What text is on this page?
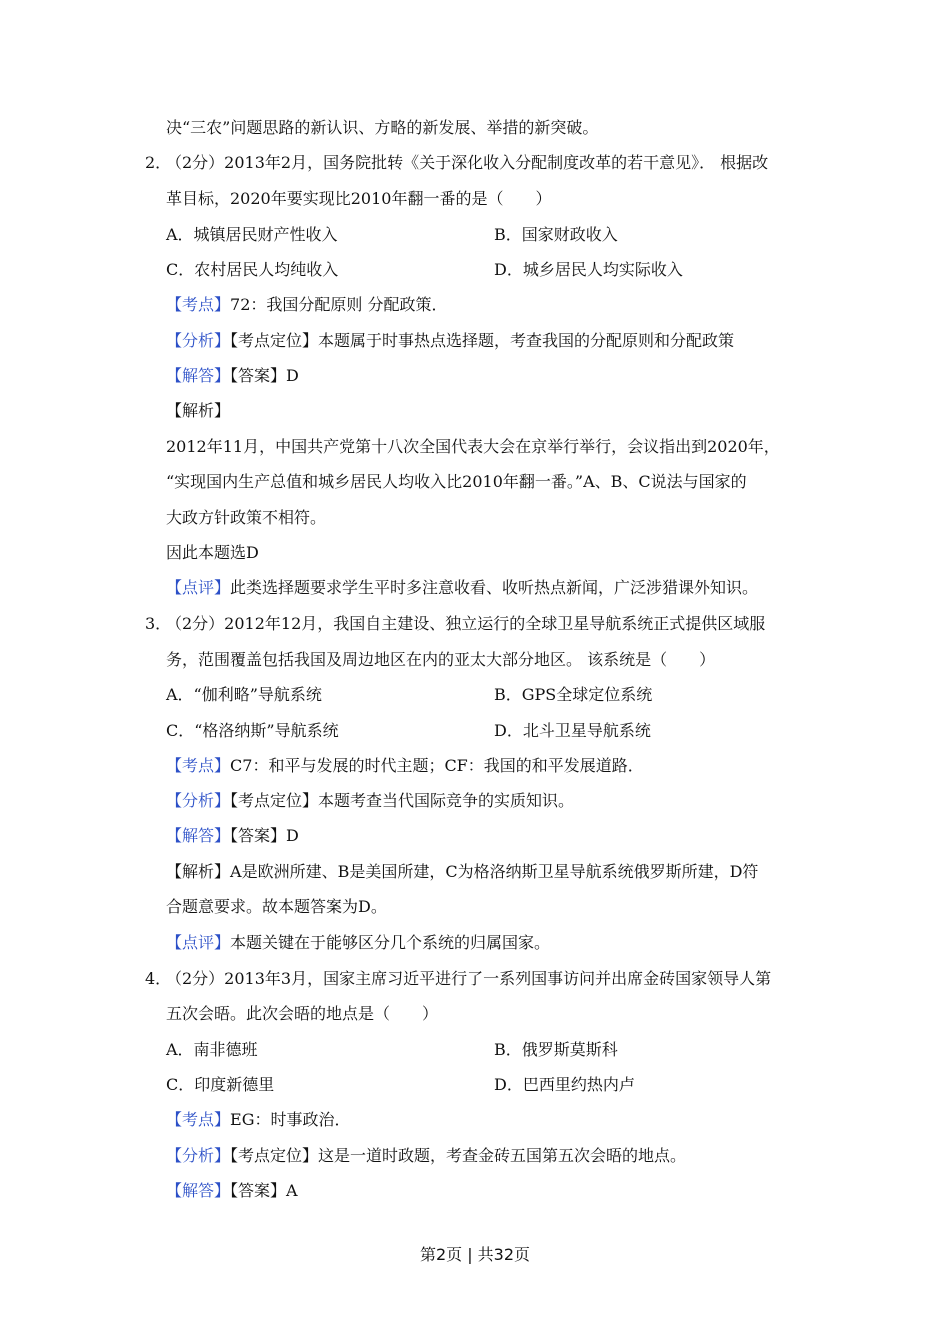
决“三农”问题思路的新认识、方略的新发展、举措的新突破。
2．
（2分）2013年2月，国务院批转《关于深化收入分配制度改革的若干意见》． 根据改
革目标，2020年要实现比2010年翻一番的是（　　）
A．城镇居民财产性收入	B．国家财政收入
C．农村居民人均纯收入	D．城乡居民人均实际收入
【考点】72：我国分配原则 分配政策．
【分析】【考点定位】本题属于时事热点选择题，考查我国的分配原则和分配政策
【解答】【答案】D
【解析】
2012年11月，中国共产党第十八次全国代表大会在京举行举行，会议指出到2020年，
“实现国内生产总值和城乡居民人均收入比2010年翻一番。”A、B、C说法与国家的
大政方针政策不相符。
因此本题选D
【点评】此类选择题要求学生平时多注意收看、收听热点新闻，广泛涉猎课外知识。
3．
（2分）2012年12月，我国自主建设、独立运行的全球卫星导航系统正式提供区域服
务，范围覆盖包括我国及周边地区在内的亚太大部分地区。 该系统是（　　）
A．“伽利略”导航系统	B．GPS全球定位系统
C．“格洛纳斯”导航系统	D．北斗卫星导航系统
【考点】C7：和平与发展的时代主题；CF：我国的和平发展道路．
【分析】【考点定位】本题考查当代国际竞争的实质知识。
【解答】【答案】D
【解析】A是欧洲所建、B是美国所建，C为格洛纳斯卫星导航系统俄罗斯所建，D符
合题意要求。故本题答案为D。
【点评】本题关键在于能够区分几个系统的归属国家。
4．
（2分）2013年3月，国家主席习近平进行了一系列国事访问并出席金砖国家领导人第
五次会晤。此次会晤的地点是（　　）
A．南非德班	B．俄罗斯莫斯科
C．印度新德里	D．巴西里约热内卢
【考点】EG：时事政治．
【分析】【考点定位】这是一道时政题，考查金砖五国第五次会晤的地点。
【解答】【答案】A
第2页 | 共32页
